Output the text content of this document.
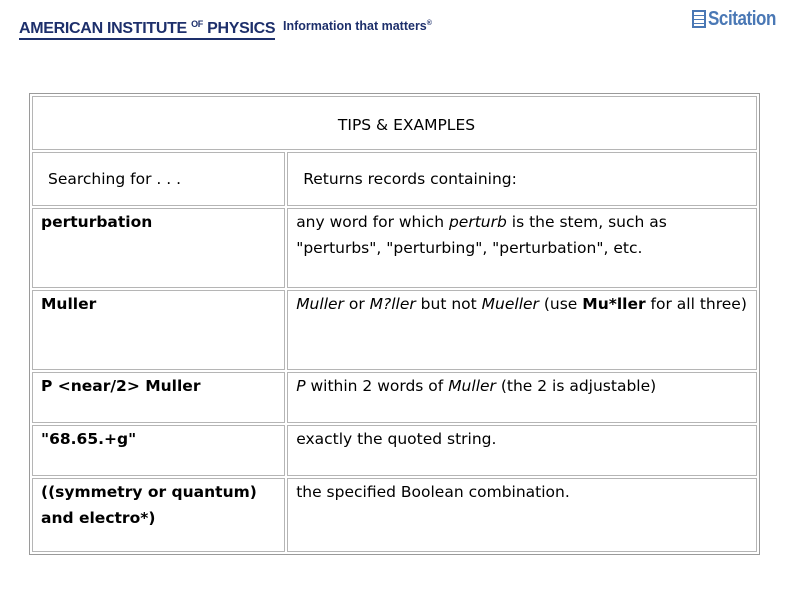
AMERICAN INSTITUTE $^{OF}$ PHYSICS Information that matters®	Scitation
TIPS & EXAMPLES	
Searching for . . .	Returns records containing:
perturbation	any word for which perturb is the stem, such as "perturbs", "perturbing", "perturbation", etc.
Muller	Muller or M?ller but not Mueller (use Mu*ller for all three)
P <near/2> Muller	P within 2 words of Muller (the 2 is adjustable)
"68.65.+g"	exactly the quoted string.
((symmetry or quantum) and electro*)	the specified Boolean combination.
